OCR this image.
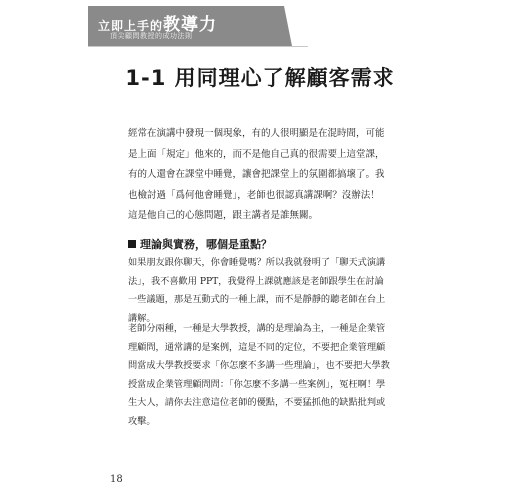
立即上手的教導力
頂尖顧問教授的成功法則
1-1 用同理心了解顧客需求
經常在演講中發現一個現象，有的人很明顯是在混時間，可能是上面「規定」他來的，而不是他自己真的很需要上這堂課，有的人還會在課堂中睡覺，讓會把課堂上的氛圍都搞壞了。我也檢討過「爲何他會睡覺」，老師也很認真講課啊？沒辦法！這是他自己的心態問題，跟主講者是誰無關。
理論與實務，哪個是重點？
如果朋友跟你聊天，你會睡覺嗎？所以我就發明了「聊天式演講法」，我不喜歡用 PPT，我覺得上課就應該是老師跟學生在討論一些議題，那是互動式的一種上課，而不是靜靜的聽老師在台上講解。
老師分兩種，一種是大學教授，講的是理論為主，一種是企業管理顧問，通常講的是案例，這是不同的定位，不要把企業管理顧問當成大學教授要求「你怎麼不多講一些理論」，也不要把大學教授當成企業管理顧問問：「你怎麼不多講一些案例」，冤枉啊！學生大人，請你去注意這位老師的優點，不要猛抓他的缺點批判或攻擊。
18
